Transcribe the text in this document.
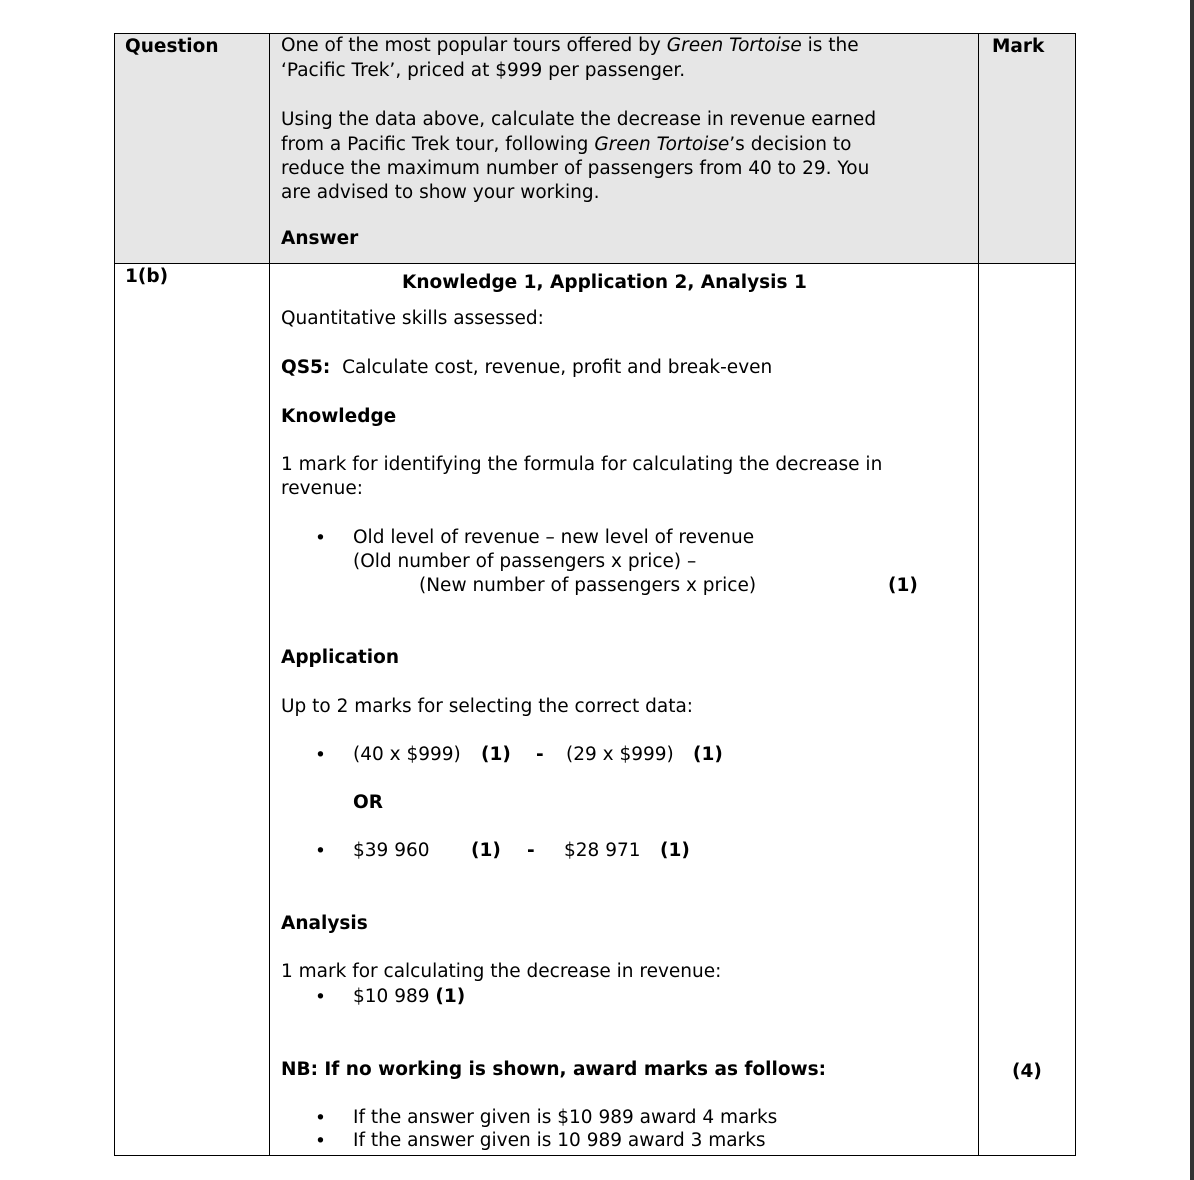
Question	Mark
One of the most popular tours offered by Green Tortoise is the
‘Pacific Trek’, priced at $999 per passenger.
Using the data above, calculate the decrease in revenue earned
from a Pacific Trek tour, following Green Tortoise’s decision to
reduce the maximum number of passengers from 40 to 29. You
are advised to show your working.
Answer
1(b)
(4)
Knowledge 1, Application 2, Analysis 1
Quantitative skills assessed:
QS5: Calculate cost, revenue, profit and break-even
Knowledge
1 mark for identifying the formula for calculating the decrease in
revenue:
• Old level of revenue – new level of revenue
(Old number of passengers x price) –
(New number of passengers x price)	(1)
Application
Up to 2 marks for selecting the correct data:
• (40 x $999) (1) - (29 x $999) (1)
OR
• $39 960 (1) - $28 971 (1)
Analysis
1 mark for calculating the decrease in revenue:
• $10 989 (1)
NB: If no working is shown, award marks as follows:
• If the answer given is $10 989 award 4 marks
• If the answer given is 10 989 award 3 marks
